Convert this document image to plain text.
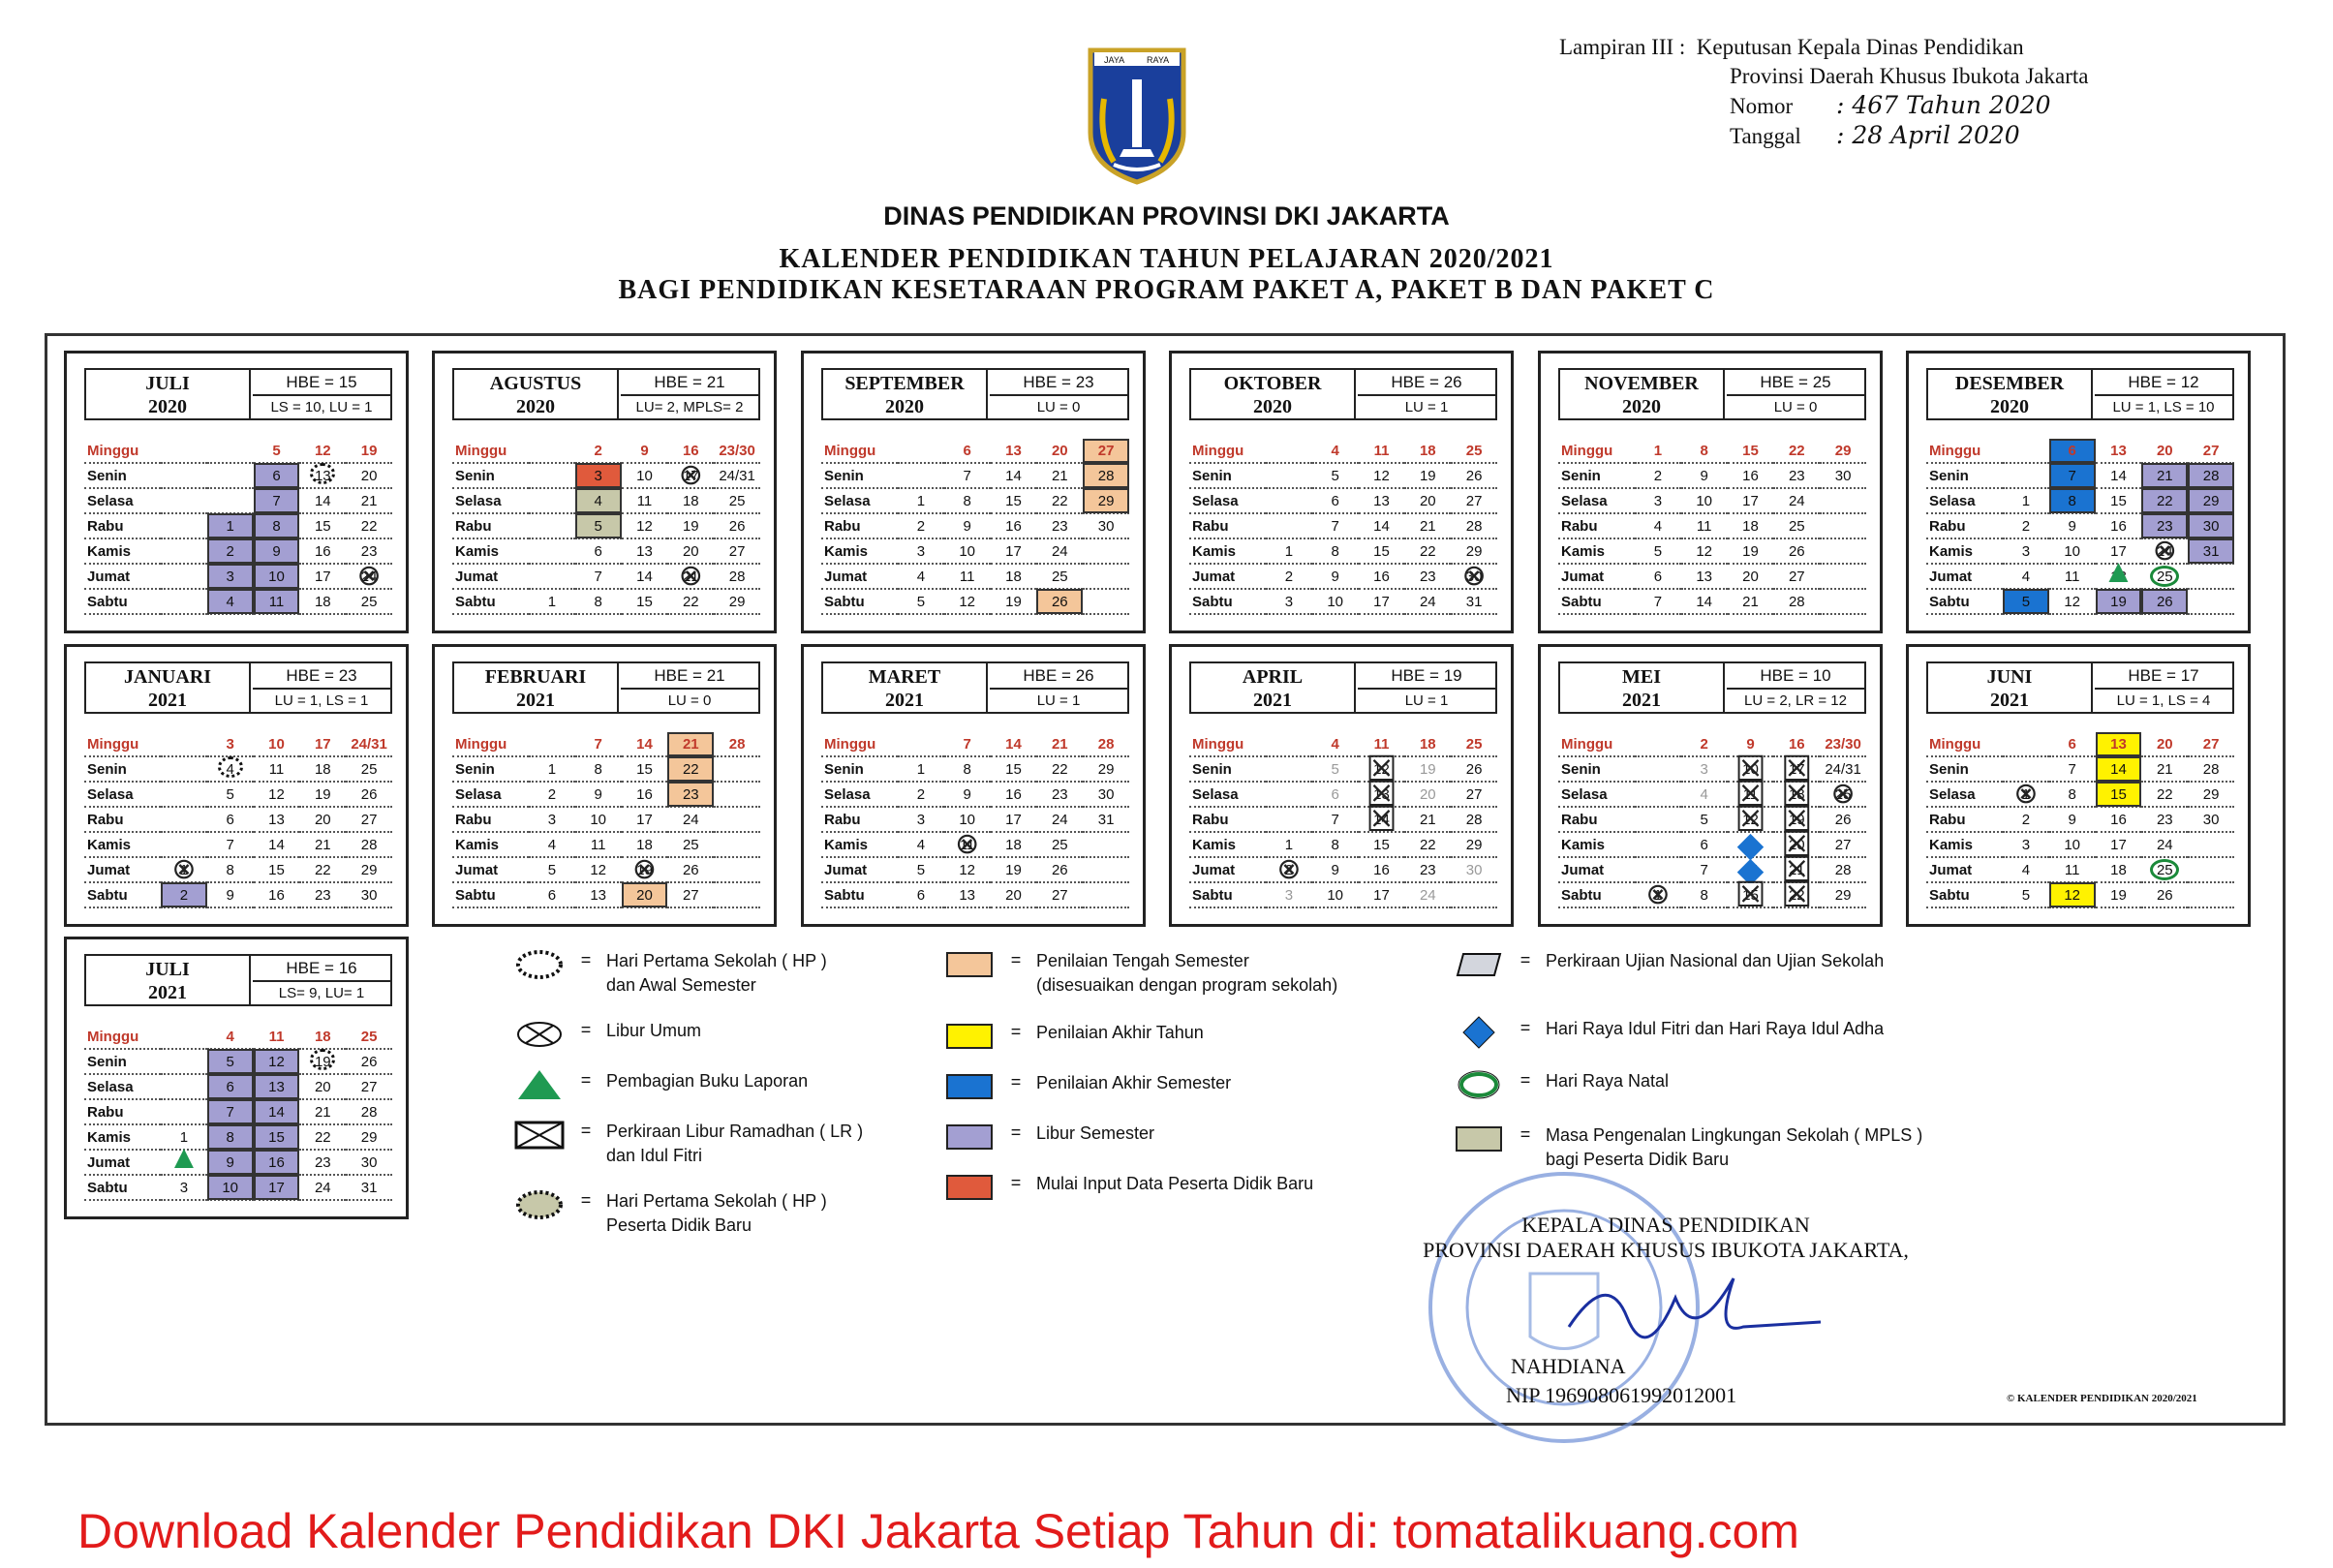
JAYA	RAYA
Lampiran III : Keputusan Kepala Dinas Pendidikan
Provinsi Daerah Khusus Ibukota Jakarta
Nomor : 467 Tahun 2020
Tanggal : 28 April 2020
DINAS PENDIDIKAN PROVINSI DKI JAKARTA
KALENDER PENDIDIKAN TAHUN PELAJARAN 2020/2021
BAGI PENDIDIKAN KESETARAAN PROGRAM PAKET A, PAKET B DAN PAKET C
JULI
2020
HBE = 15
LS = 10, LU = 1
Minggu			5	12	19
Senin			6	13	20
Selasa			7	14	21
Rabu		1	8	15	22
Kamis		2	9	16	23
Jumat		3	10	17	24 ⊗
Sabtu		4	11	18	25
AGUSTUS
2020
HBE = 21
LU= 2, MPLS= 2
Minggu		2	9	16	23/30
Senin		3	10	17 ⊗	24/31
Selasa		4	11	18	25
Rabu		5	12	19	26
Kamis		6	13	20	27
Jumat		7	14	21 ⊗	28
Sabtu	1	8	15	22	29
SEPTEMBER
2020
HBE = 23
LU = 0
Minggu		6	13	20	27
Senin		7	14	21	28
Selasa	1	8	15	22	29
Rabu	2	9	16	23	30
Kamis	3	10	17	24	
Jumat	4	11	18	25	
Sabtu	5	12	19	26	
OKTOBER
2020
HBE = 26
LU = 1
Minggu		4	11	18	25
Senin		5	12	19	26
Selasa		6	13	20	27
Rabu		7	14	21	28
Kamis	1	8	15	22	29
Jumat	2	9	16	23	30 ⊗
Sabtu	3	10	17	24	31
NOVEMBER
2020
HBE = 25
LU = 0
Minggu	1	8	15	22	29
Senin	2	9	16	23	30
Selasa	3	10	17	24	
Rabu	4	11	18	25	
Kamis	5	12	19	26	
Jumat	6	13	20	27	
Sabtu	7	14	21	28	
DESEMBER
2020
HBE = 12
LU = 1, LS = 10
Minggu		6	13	20	27
Senin		7	14	21	28
Selasa	1	8	15	22	29
Rabu	2	9	16	23	30
Kamis	3	10	17	24 ⊗	31
Jumat	4	11	▲ 18	25	
Sabtu	5	12	19	26	
JANUARI
2021
HBE = 23
LU = 1, LS = 1
Minggu		3	10	17	24/31
Senin		4	11	18	25
Selasa		5	12	19	26
Rabu		6	13	20	27
Kamis		7	14	21	28
Jumat	1 ⊗	8	15	22	29
Sabtu	2	9	16	23	30
FEBRUARI
2021
HBE = 21
LU = 0
Minggu		7	14	21	28
Senin	1	8	15	22	
Selasa	2	9	16	23	
Rabu	3	10	17	24	
Kamis	4	11	18	25	
Jumat	5	12	19 ⊗	26	
Sabtu	6	13	20	27	
MARET
2021
HBE = 26
LU = 1
Minggu		7	14	21	28
Senin	1	8	15	22	29
Selasa	2	9	16	23	30
Rabu	3	10	17	24	31
Kamis	4	11 ⊗	18	25	
Jumat	5	12	19	26	
Sabtu	6	13	20	27	
APRIL
2021
HBE = 19
LU = 1
Minggu		4	11	18	25
Senin		5	12 ☒	19	26
Selasa		6	13 ☒	20	27
Rabu		7	14 ☒	21	28
Kamis	1	8	15	22	29
Jumat	2 ⊗	9	16	23	30
Sabtu	3	10	17	24	
MEI
2021
HBE = 10
LU = 2, LR = 12
Minggu		2	9	16	23/30
Senin		3	10 ☒	17 ☒	24/31
Selasa		4	11 ☒	18 ☒	25 ⊗
Rabu		5	12 ☒	19 ☒	26
Kamis		6	13 ◆	20 ☒	27
Jumat		7	14 ◆	21 ☒	28
Sabtu	1 ⊗	8	15 ☒	22 ☒	29
JUNI
2021
HBE = 17
LU = 1, LS = 4
Minggu		6	13	20	27
Senin		7	14	21	28
Selasa	1 ⊗	8	15	22	29
Rabu	2	9	16	23	30
Kamis	3	10	17	24	
Jumat	4	11	18	25	
Sabtu	5	12	19	26	
JULI
2021
HBE = 16
LS= 9, LU= 1
Minggu		4	11	18	25
Senin		5	12	19	26
Selasa		6	13	20	27
Rabu		7	14	21	28
Kamis	1	8	15	22	29
Jumat	▲ 2	9	16	23	30
Sabtu	3	10	17	24	31
= Hari Pertama Sekolah ( HP )
dan Awal Semester
= Libur Umum
= Pembagian Buku Laporan
= Perkiraan Libur Ramadhan ( LR )
dan Idul Fitri
= Hari Pertama Sekolah ( HP )
Peserta Didik Baru
= Penilaian Tengah Semester
(disesuaikan dengan program sekolah)
= Penilaian Akhir Tahun
= Penilaian Akhir Semester
= Libur Semester
= Mulai Input Data Peserta Didik Baru
= Perkiraan Ujian Nasional dan Ujian Sekolah
= Hari Raya Idul Fitri dan Hari Raya Idul Adha
= Hari Raya Natal
= Masa Pengenalan Lingkungan Sekolah ( MPLS )
bagi Peserta Didik Baru
KEPALA DINAS PENDIDIKAN
PROVINSI DAERAH KHUSUS IBUKOTA JAKARTA,
NAHDIANA
NIP 196908061992012001	© KALENDER PENDIDIKAN 2020/2021
Download Kalender Pendidikan DKI Jakarta Setiap Tahun di: tomatalikuang.com
